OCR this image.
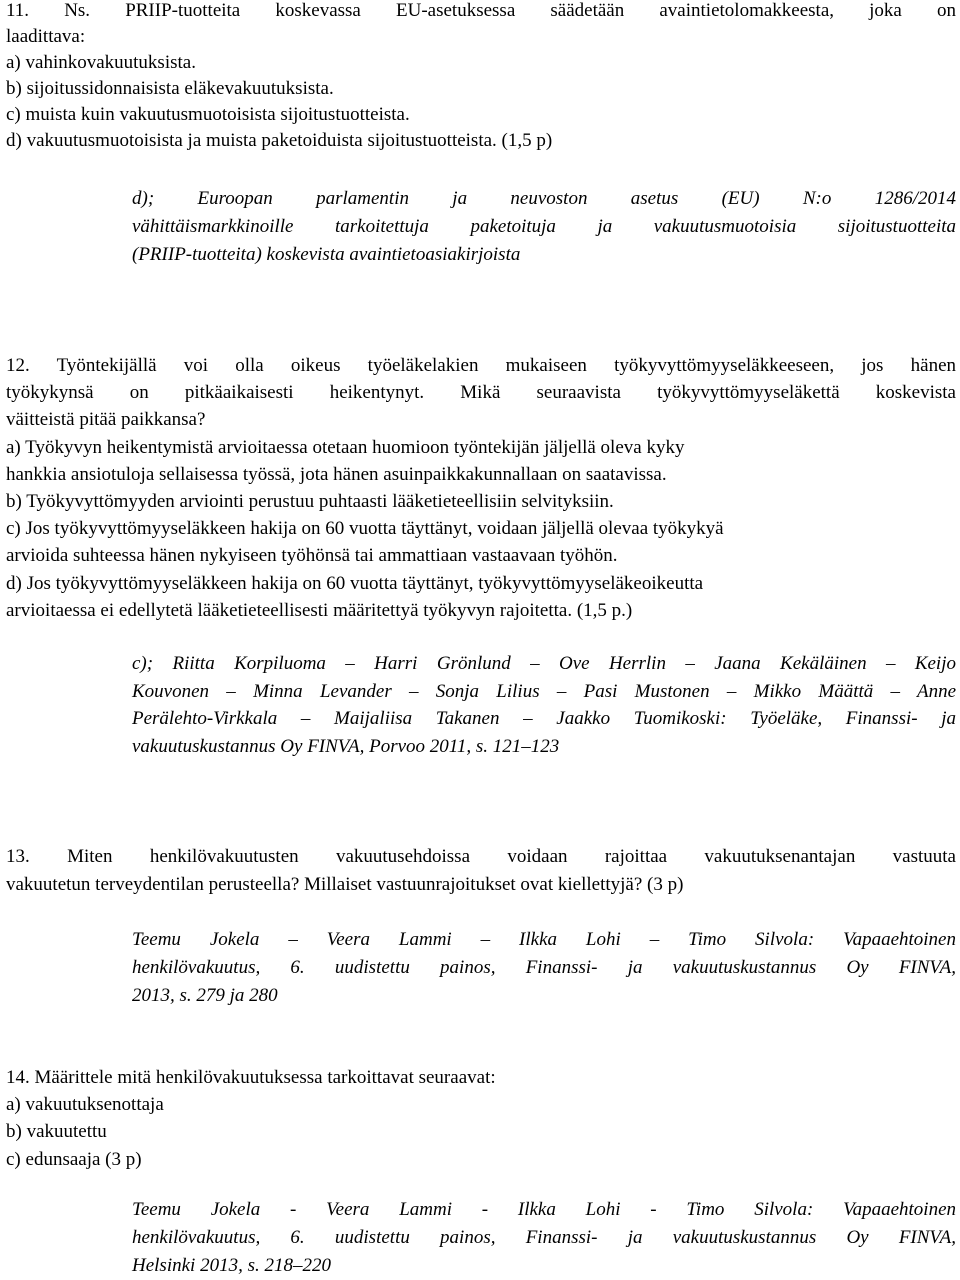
11. Ns. PRIIP-tuotteita koskevassa EU-asetuksessa säädetään avaintietolomakkeesta, joka on
laadittava:
a) vahinkovakuutuksista.
b) sijoitussidonnaisista eläkevakuutuksista.
c) muista kuin vakuutusmuotoisista sijoitustuotteista.
d) vakuutusmuotoisista ja muista paketoiduista sijoitustuotteista. (1,5 p)
d); Euroopan parlamentin ja neuvoston asetus (EU) N:o 1286/2014
vähittäismarkkinoille tarkoitettuja paketoituja ja vakuutusmuotoisia sijoitustuotteita
(PRIIP-tuotteita) koskevista avaintietoasiakirjoista
12. Työntekijällä voi olla oikeus työeläkelakien mukaiseen työkyvyttömyyseläkkeeseen, jos hänen
työkykynsä on pitkäaikaisesti heikentynyt. Mikä seuraavista työkyvyttömyyseläkettä koskevista
väitteistä pitää paikkansa?
a) Työkyvyn heikentymistä arvioitaessa otetaan huomioon työntekijän jäljellä oleva kyky
hankkia ansiotuloja sellaisessa työssä, jota hänen asuinpaikkakunnallaan on saatavissa.
b) Työkyvyttömyyden arviointi perustuu puhtaasti lääketieteellisiin selvityksiin.
c) Jos työkyvyttömyyseläkkeen hakija on 60 vuotta täyttänyt, voidaan jäljellä olevaa työkykyä
arvioida suhteessa hänen nykyiseen työhönsä tai ammattiaan vastaavaan työhön.
d) Jos työkyvyttömyyseläkkeen hakija on 60 vuotta täyttänyt, työkyvyttömyyseläkeoikeutta
arvioitaessa ei edellytetä lääketieteellisesti määritettyä työkyvyn rajoitetta. (1,5 p.)
c); Riitta Korpiluoma – Harri Grönlund – Ove Herrlin – Jaana Kekäläinen – Keijo
Kouvonen – Minna Levander – Sonja Lilius – Pasi Mustonen – Mikko Määttä – Anne
Perälehto-Virkkala – Maijaliisa Takanen – Jaakko Tuomikoski: Työeläke, Finanssi- ja
vakuutuskustannus Oy FINVA, Porvoo 2011, s. 121–123
13. Miten henkilövakuutusten vakuutusehdoissa voidaan rajoittaa vakuutuksenantajan vastuuta
vakuutetun terveydentilan perusteella? Millaiset vastuunrajoitukset ovat kiellettyjä? (3 p)
Teemu Jokela – Veera Lammi – Ilkka Lohi – Timo Silvola: Vapaaehtoinen
henkilövakuutus, 6. uudistettu painos, Finanssi- ja vakuutuskustannus Oy FINVA,
2013, s. 279 ja 280
14. Määrittele mitä henkilövakuutuksessa tarkoittavat seuraavat:
a) vakuutuksenottaja
b) vakuutettu
c) edunsaaja (3 p)
Teemu Jokela - Veera Lammi - Ilkka Lohi - Timo Silvola: Vapaaehtoinen
henkilövakuutus, 6. uudistettu painos, Finanssi- ja vakuutuskustannus Oy FINVA,
Helsinki 2013, s. 218–220
